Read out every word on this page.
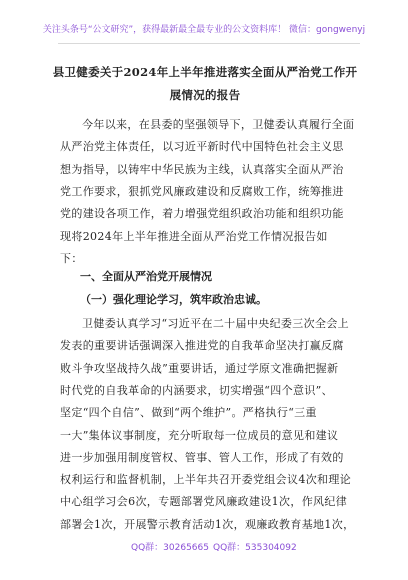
关注头条号“公文研究”，获得最新最全最专业的公文资料库！ 微信：gongwenyj
县卫健委关于2024年上半年推进落实全面从严治党工作开
展情况的报告
今年以来，在县委的坚强领导下，卫健委认真履行全面
从严治党主体责任，以习近平新时代中国特色社会主义思
想为指导，以铸牢中华民族为主线，认真落实全面从严治
党工作要求，狠抓党风廉政建设和反腐败工作，统筹推进
党的建设各项工作，着力增强党组织政治功能和组织功能
现将2024年上半年推进全面从严治党工作情况报告如
下：
一、全面从严治党开展情况
（一）强化理论学习，筑牢政治忠诚。
卫健委认真学习“习近平在二十届中央纪委三次全会上
发表的重要讲话强调深入推进党的自我革命坚决打赢反腐
败斗争攻坚战持久战”重要讲话，通过学原文准确把握新
时代党的自我革命的内涵要求，切实增强“四个意识”、
坚定“四个自信”、做到“两个维护”。严格执行“三重
一大”集体议事制度，充分听取每一位成员的意见和建议
进一步加强用制度管权、管事、管人工作，形成了有效的
权利运行和监督机制，上半年共召开委党组会议4次和理论
中心组学习会6次，专题部署党风廉政建设1次，作风纪律
部署会1次，开展警示教育活动1次，观廉政教育基地1次，
QQ群：30265665 QQ群：535304092
